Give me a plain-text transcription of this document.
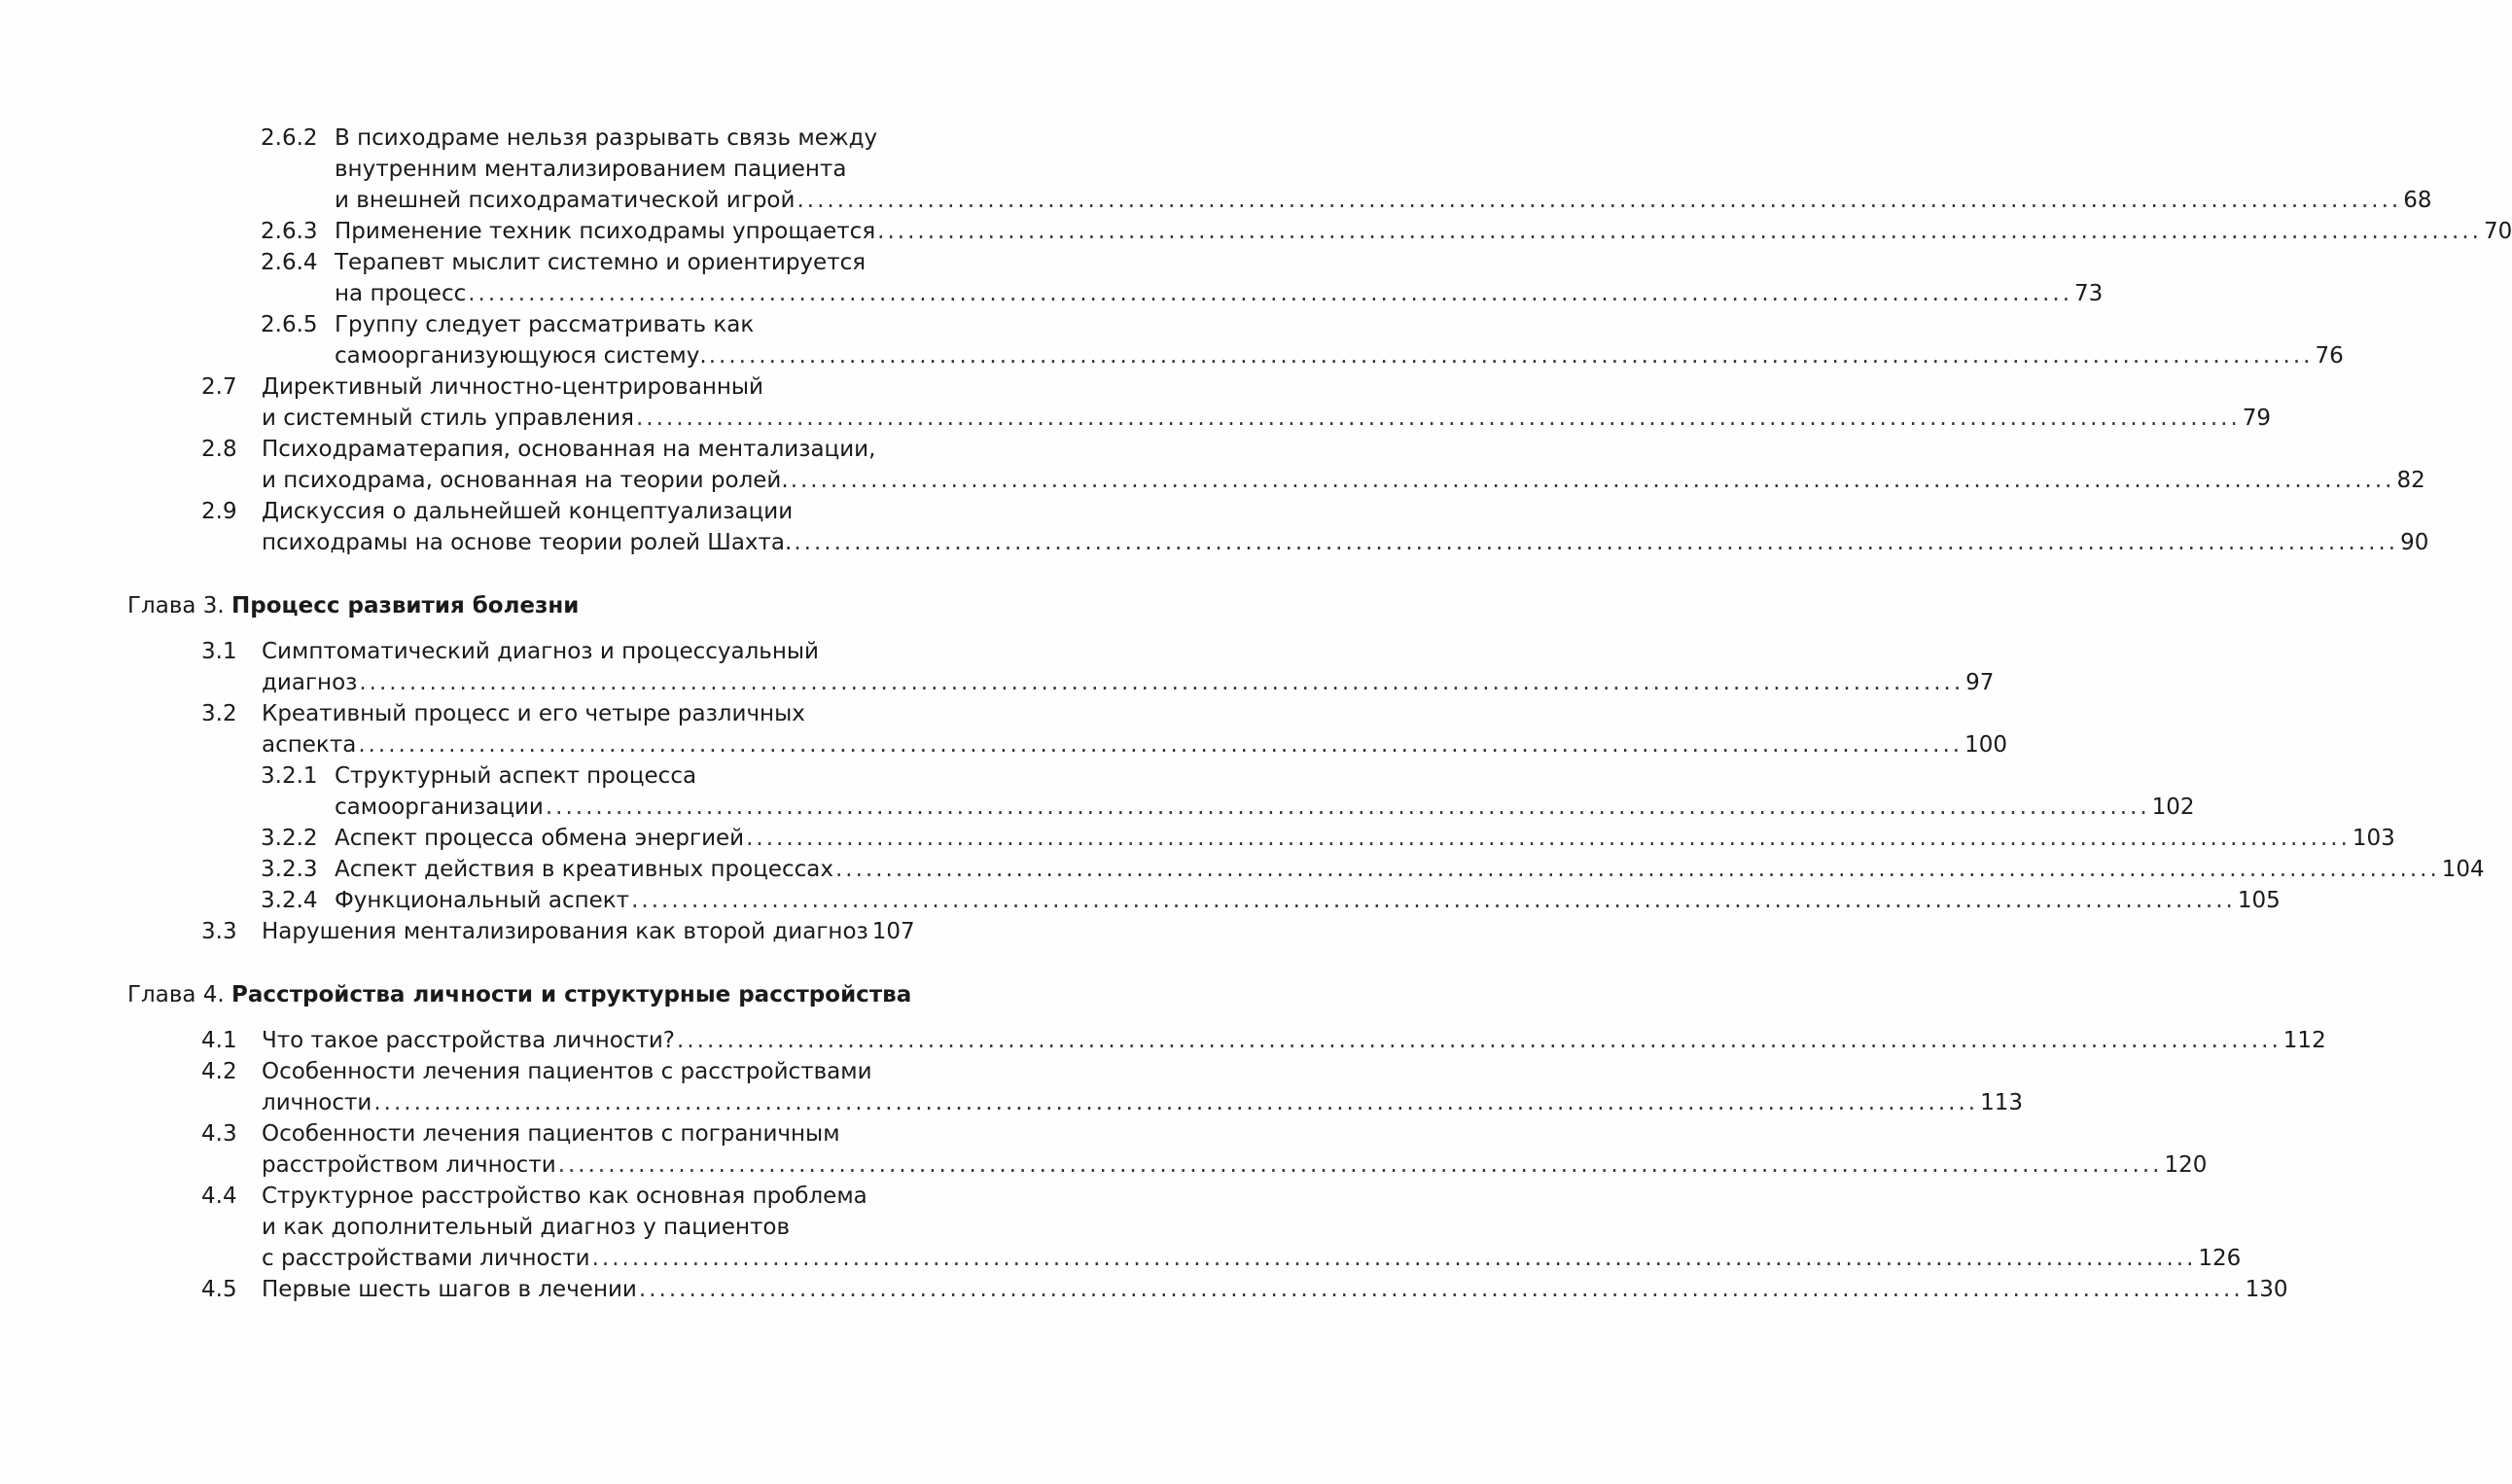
2.6.2 В психодраме нельзя разрывать связь между
внутренним ментализированием пациента
и внешней психодраматической игрой ................................................................................................................................................................ 68
2.6.3 Применение техник психодрамы упрощается ................................................................................................................................................................ 70
2.6.4 Терапевт мыслит системно и ориентируется
на процесс ................................................................................................................................................................ 73
2.6.5 Группу следует рассматривать как
самоорганизующуюся систему. ................................................................................................................................................................ 76
2.7 Директивный личностно-центрированный
и системный стиль управления ................................................................................................................................................................ 79
2.8 Психодраматерапия, основанная на ментализации,
и психодрама, основанная на теории ролей. ................................................................................................................................................................ 82
2.9 Дискуссия о дальнейшей концептуализации
психодрамы на основе теории ролей Шахта. ................................................................................................................................................................ 90
Глава 3. Процесс развития болезни
3.1 Симптоматический диагноз и процессуальный
диагноз ................................................................................................................................................................ 97
3.2 Креативный процесс и его четыре различных
аспекта ................................................................................................................................................................ 100
3.2.1 Структурный аспект процесса
самоорганизации ................................................................................................................................................................ 102
3.2.2 Аспект процесса обмена энергией ................................................................................................................................................................ 103
3.2.3 Аспект действия в креативных процессах ................................................................................................................................................................ 104
3.2.4 Функциональный аспект ................................................................................................................................................................ 105
3.3 Нарушения ментализирования как второй диагноз 107
Глава 4. Расстройства личности и структурные расстройства
4.1 Что такое расстройства личности? ................................................................................................................................................................ 112
4.2 Особенности лечения пациентов с расстройствами
личности ................................................................................................................................................................ 113
4.3 Особенности лечения пациентов с пограничным
расстройством личности ................................................................................................................................................................ 120
4.4 Структурное расстройство как основная проблема
и как дополнительный диагноз у пациентов
с расстройствами личности ................................................................................................................................................................ 126
4.5 Первые шесть шагов в лечении ................................................................................................................................................................ 130
